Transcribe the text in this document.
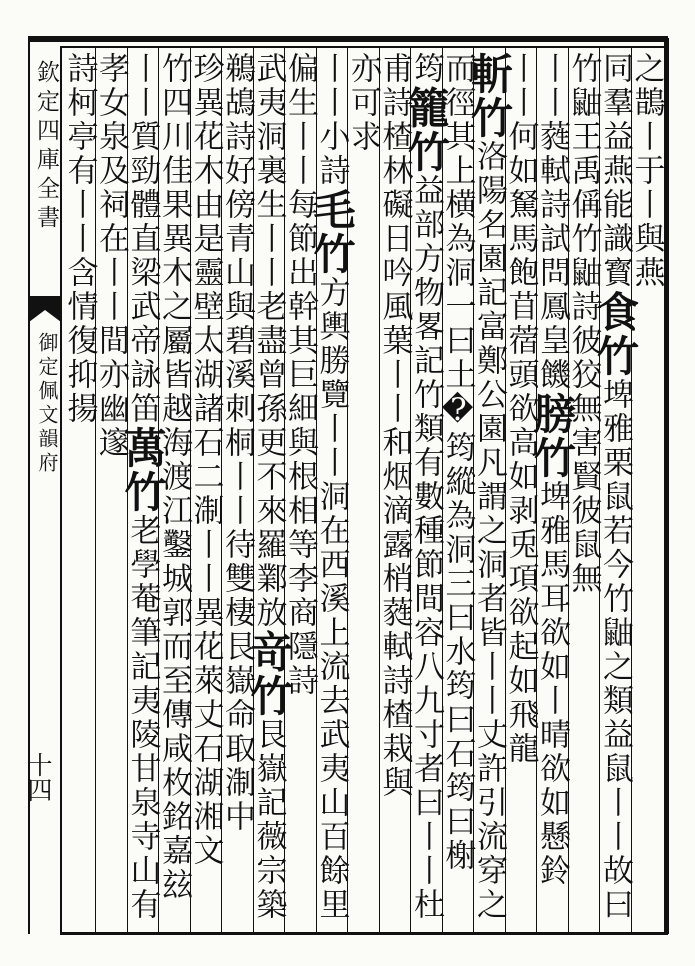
欽定四庫全書
御定佩文韻府
十四
之鵲丨于丨與燕
同羣益燕能識寳食竹埤雅栗鼠若今竹鼬之類益鼠丨丨故曰
竹鼬王禹偁竹鼬詩彼狡無害賢彼鼠無
丨丨蕤軾詩試問鳳皇饑膀竹埤雅馬耳欲如丨晴欲如懸鈴
丨丨何如駑馬飽苜蓿頭欲高如剥兎項欲起如飛龍
斬竹洛陽名園記富鄭公園凡謂之洞者皆丨丨丈許引流穿之
而徑其上横為洞一曰土�筠縱為洞三曰水筠曰石筠曰榭
筠籠竹益部方物畧記竹類有數種節間容八九寸者曰丨丨杜
甫詩楂林礙日吟風葉丨丨和烟滴露梢蕤軾詩楂栽與
亦可求
丨丨小詩毛竹方輿勝覽丨丨洞在西溪上流去武夷山百餘里
偏生丨丨每節出幹其巨細與根相等李商隱詩
武夷洞裏生丨丨老盡曾孫更不來羅鄴放竒竹艮嶽記薇宗築
鵜鴣詩好傍青山與碧溪刺桐丨丨待雙棲艮嶽命取淛中
珍異花木由是靈壁太湖諸石二淛丨丨異花萊丈石湖湘文
竹四川佳果異木之屬皆越海渡江鑿城郭而至傳咸枚銘嘉玆
丨丨質勁體直梁武帝詠笛萬竹老學菴筆記夷陵甘泉寺山有
孝女泉及祠在丨丨間亦幽邃
詩柯亭有丨丨含情復抑揚
